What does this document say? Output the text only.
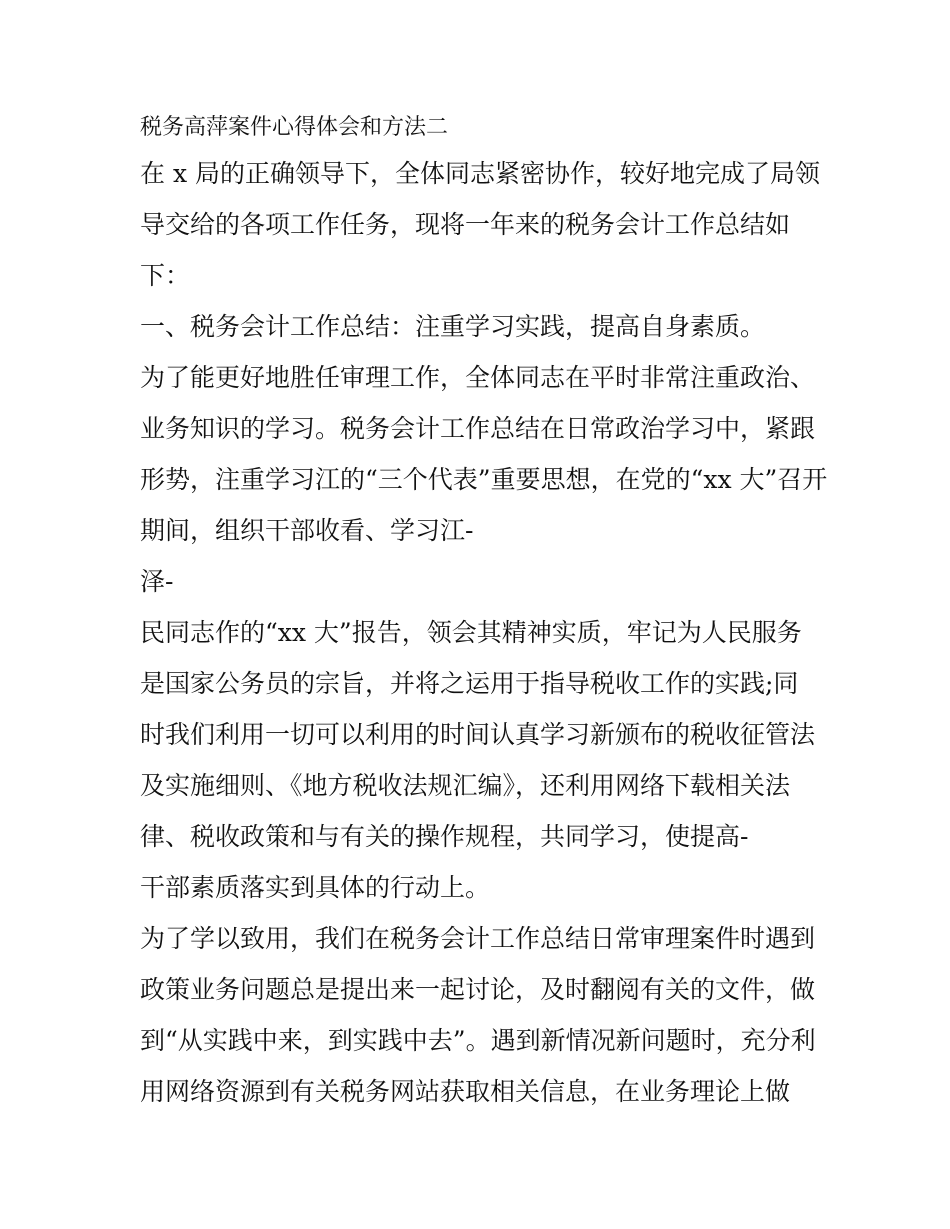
税务高萍案件心得体会和方法二
在 x 局的正确领导下，全体同志紧密协作，较好地完成了局领
导交给的各项工作任务，现将一年来的税务会计工作总结如
下：
一、税务会计工作总结：注重学习实践，提高自身素质。
为了能更好地胜任审理工作，全体同志在平时非常注重政治、
业务知识的学习。税务会计工作总结在日常政治学习中，紧跟
形势，注重学习江的“三个代表”重要思想，在党的“xx 大”召开
期间，组织干部收看、学习江-
泽-
民同志作的“xx 大”报告，领会其精神实质，牢记为人民服务
是国家公务员的宗旨，并将之运用于指导税收工作的实践;同
时我们利用一切可以利用的时间认真学习新颁布的税收征管法
及实施细则、《地方税收法规汇编》，还利用网络下载相关法
律、税收政策和与有关的操作规程，共同学习，使提高-
干部素质落实到具体的行动上。
为了学以致用，我们在税务会计工作总结日常审理案件时遇到
政策业务问题总是提出来一起讨论，及时翻阅有关的文件，做
到“从实践中来，到实践中去”。遇到新情况新问题时，充分利
用网络资源到有关税务网站获取相关信息，在业务理论上做
